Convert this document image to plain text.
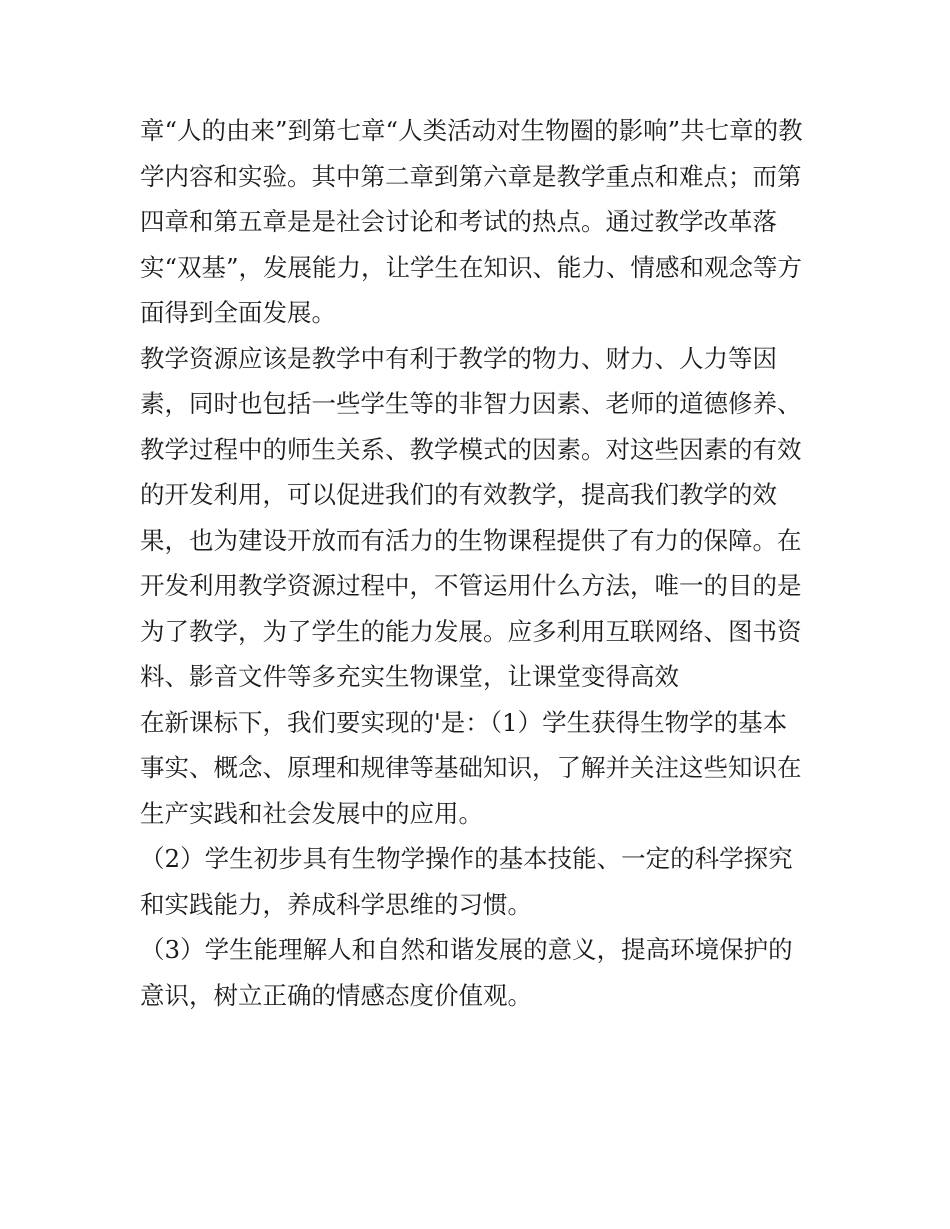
章“人的由来”到第七章“人类活动对生物圈的影响”共七章的教
学内容和实验。其中第二章到第六章是教学重点和难点；而第
四章和第五章是是社会讨论和考试的热点。通过教学改革落
实“双基”，发展能力，让学生在知识、能力、情感和观念等方
面得到全面发展。
教学资源应该是教学中有利于教学的物力、财力、人力等因
素，同时也包括一些学生等的非智力因素、老师的道德修养、
教学过程中的师生关系、教学模式的因素。对这些因素的有效
的开发利用，可以促进我们的有效教学，提高我们教学的效
果，也为建设开放而有活力的生物课程提供了有力的保障。在
开发利用教学资源过程中，不管运用什么方法，唯一的目的是
为了教学，为了学生的能力发展。应多利用互联网络、图书资
料、影音文件等多充实生物课堂，让课堂变得高效
在新课标下，我们要实现的'是：（1）学生获得生物学的基本
事实、概念、原理和规律等基础知识，了解并关注这些知识在
生产实践和社会发展中的应用。
（2）学生初步具有生物学操作的基本技能、一定的科学探究
和实践能力，养成科学思维的习惯。
（3）学生能理解人和自然和谐发展的意义，提高环境保护的
意识，树立正确的情感态度价值观。
